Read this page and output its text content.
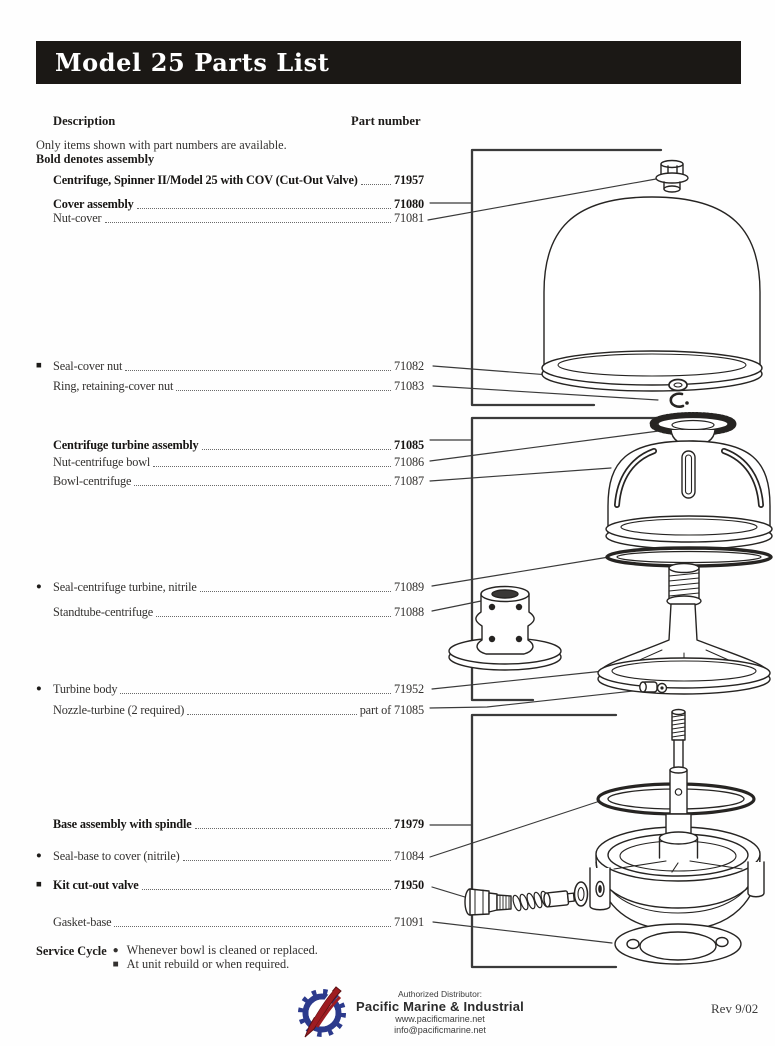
Model 25 Parts List
Description	Part number
Only items shown with part numbers are available.
Bold denotes assembly
Centrifuge, Spinner II/Model 25 with COV (Cut-Out Valve)	71957
Cover assembly	71080
Nut-cover	71081
■ Seal-cover nut	71082
Ring, retaining-cover nut	71083
Centrifuge turbine assembly	71085
Nut-centrifuge bowl	71086
Bowl-centrifuge	71087
● Seal-centrifuge turbine, nitrile	71089
Standtube-centrifuge	71088
● Turbine body	71952
Nozzle-turbine (2 required)	part of 71085
Base assembly with spindle	71979
● Seal-base to cover (nitrile)	71084
■ Kit cut-out valve	71950
Gasket-base	71091
Service Cycle ● Whenever bowl is cleaned or replaced.
■ At unit rebuild or when required.
Authorized Distributor:
Pacific Marine & Industrial
www.pacificmarine.net
info@pacificmarine.net
Rev 9/02
